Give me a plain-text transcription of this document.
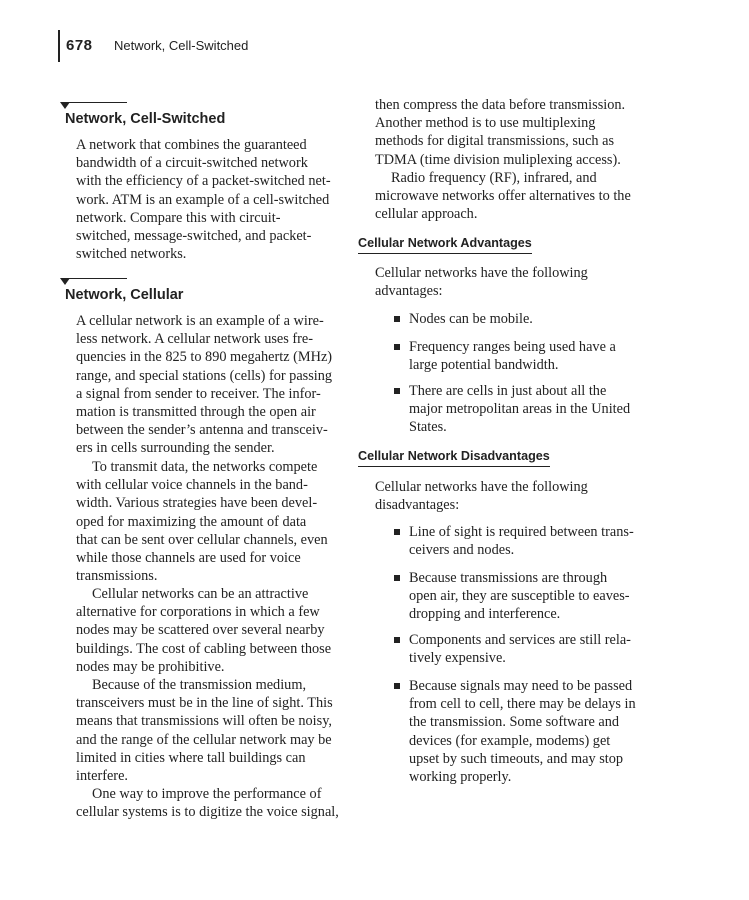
678 Network, Cell-Switched
Network, Cell-Switched
A network that combines the guaranteed
bandwidth of a circuit-switched network
with the efficiency of a packet-switched net-
work. ATM is an example of a cell-switched
network. Compare this with circuit-
switched, message-switched, and packet-
switched networks.
Network, Cellular
A cellular network is an example of a wire-
less network. A cellular network uses fre-
quencies in the 825 to 890 megahertz (MHz)
range, and special stations (cells) for passing
a signal from sender to receiver. The infor-
mation is transmitted through the open air
between the sender’s antenna and transceiv-
ers in cells surrounding the sender.
To transmit data, the networks compete
with cellular voice channels in the band-
width. Various strategies have been devel-
oped for maximizing the amount of data
that can be sent over cellular channels, even
while those channels are used for voice
transmissions.
Cellular networks can be an attractive
alternative for corporations in which a few
nodes may be scattered over several nearby
buildings. The cost of cabling between those
nodes may be prohibitive.
Because of the transmission medium,
transceivers must be in the line of sight. This
means that transmissions will often be noisy,
and the range of the cellular network may be
limited in cities where tall buildings can
interfere.
One way to improve the performance of
cellular systems is to digitize the voice signal,
then compress the data before transmission.
Another method is to use multiplexing
methods for digital transmissions, such as
TDMA (time division muliplexing access).
Radio frequency (RF), infrared, and
microwave networks offer alternatives to the
cellular approach.
Cellular Network Advantages
Cellular networks have the following
advantages:
Nodes can be mobile.
Frequency ranges being used have a
large potential bandwidth.
There are cells in just about all the
major metropolitan areas in the United
States.
Cellular Network Disadvantages
Cellular networks have the following
disadvantages:
Line of sight is required between trans-
ceivers and nodes.
Because transmissions are through
open air, they are susceptible to eaves-
dropping and interference.
Components and services are still rela-
tively expensive.
Because signals may need to be passed
from cell to cell, there may be delays in
the transmission. Some software and
devices (for example, modems) get
upset by such timeouts, and may stop
working properly.
